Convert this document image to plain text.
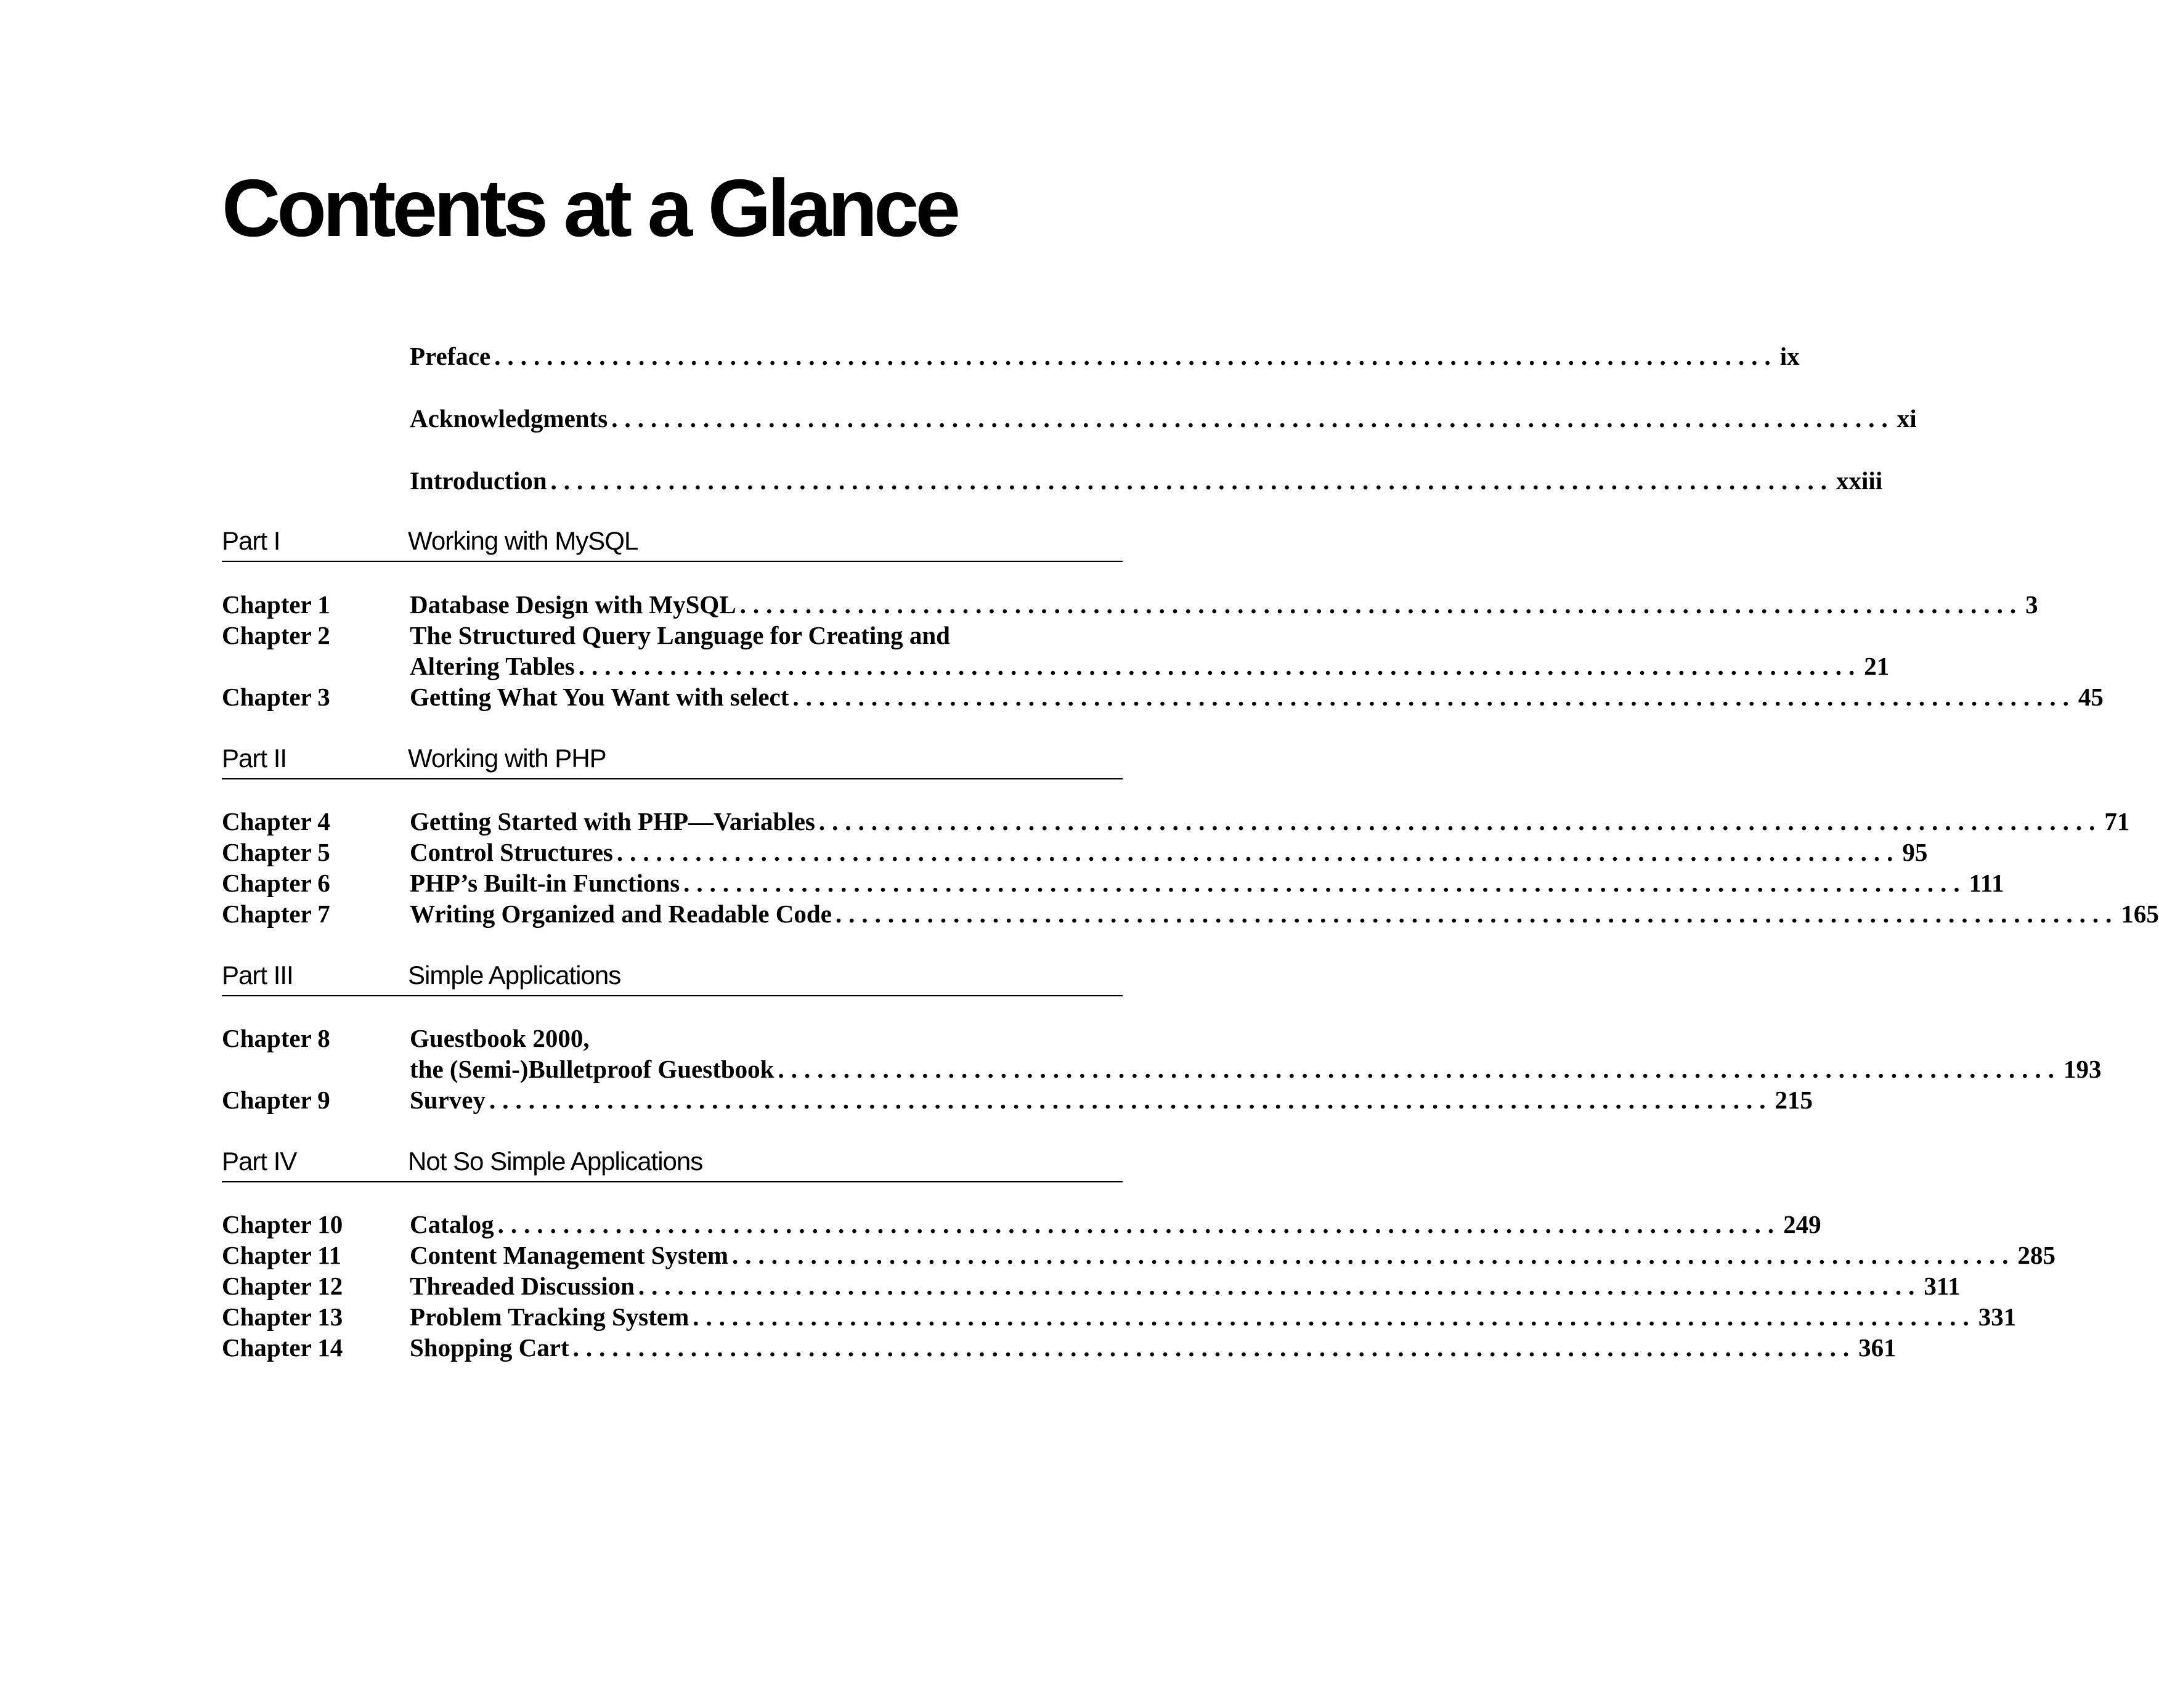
Contents at a Glance
Preface .................................................................................................. ix
Acknowledgments .................................................................................................. xi
Introduction .................................................................................................. xxiii
Part I	Working with MySQL
Chapter 1	Database Design with MySQL .................................................................................................. 3
Chapter 2	The Structured Query Language for Creating and
Altering Tables .................................................................................................. 21
Chapter 3	Getting What You Want with select .................................................................................................. 45
Part II	Working with PHP
Chapter 4	Getting Started with PHP—Variables .................................................................................................. 71
Chapter 5	Control Structures .................................................................................................. 95
Chapter 6	PHP’s Built-in Functions .................................................................................................. 111
Chapter 7	Writing Organized and Readable Code .................................................................................................. 165
Part III	Simple Applications
Chapter 8	Guestbook 2000,
the (Semi-)Bulletproof Guestbook .................................................................................................. 193
Chapter 9	Survey .................................................................................................. 215
Part IV	Not So Simple Applications
Chapter 10	Catalog .................................................................................................. 249
Chapter 11	Content Management System .................................................................................................. 285
Chapter 12	Threaded Discussion .................................................................................................. 311
Chapter 13	Problem Tracking System .................................................................................................. 331
Chapter 14	Shopping Cart .................................................................................................. 361
